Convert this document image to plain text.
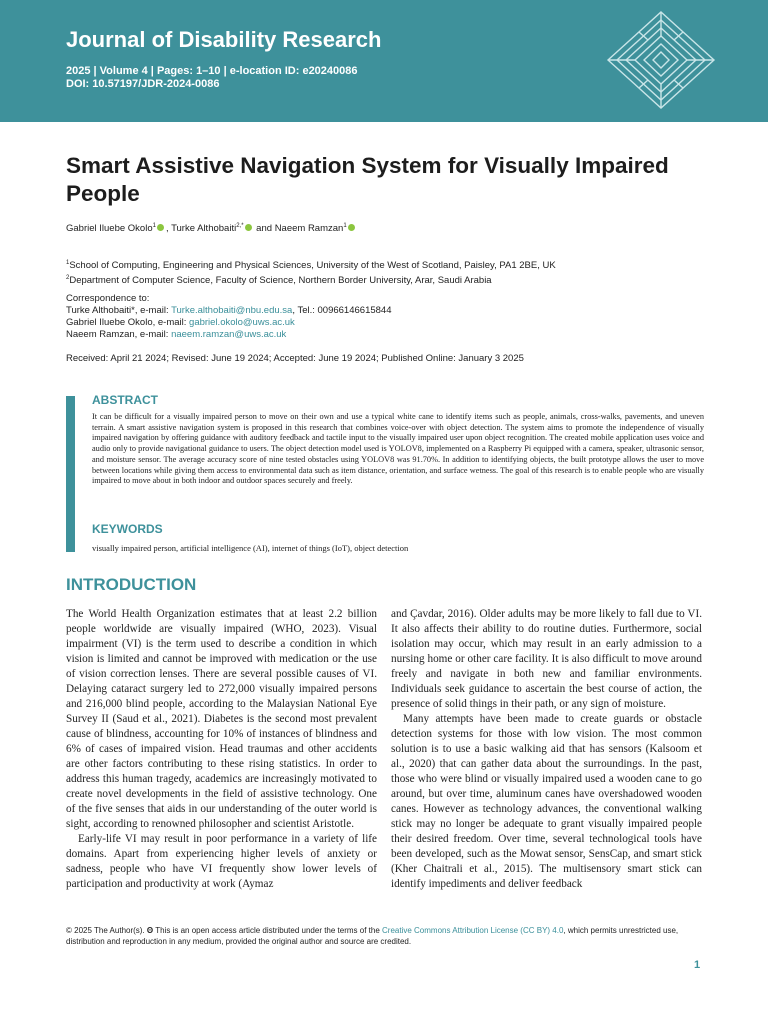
Journal of Disability Research
2025 | Volume 4 | Pages: 1–10 | e-location ID: e20240086
DOI: 10.57197/JDR-2024-0086
Smart Assistive Navigation System for Visually Impaired People
Gabriel Iluebe Okolo$^1$ , Turke Althobaiti$^{2,*}$ and Naeem Ramzan$^1$
$^1$School of Computing, Engineering and Physical Sciences, University of the West of Scotland, Paisley, PA1 2BE, UK
$^2$Department of Computer Science, Faculty of Science, Northern Border University, Arar, Saudi Arabia
Correspondence to:
Turke Althobaiti*, e-mail: Turke.althobaiti@nbu.edu.sa, Tel.: 00966146615844
Gabriel Iluebe Okolo, e-mail: gabriel.okolo@uws.ac.uk
Naeem Ramzan, e-mail: naeem.ramzan@uws.ac.uk
Received: April 21 2024; Revised: June 19 2024; Accepted: June 19 2024; Published Online: January 3 2025
ABSTRACT

It can be difficult for a visually impaired person to move on their own and use a typical white cane to identify items such as people, animals, cross-walks, pavements, and uneven terrain. A smart assistive navigation system is proposed in this research that combines voice-over with object detection. The system aims to promote the independence of visually impaired navigation by offering guidance with auditory feedback and tactile input to the visually impaired user upon object recognition. The created mobile application uses voice and audio only to provide navigational guidance to users. The object detection model used is YOLOV8, implemented on a Raspberry Pi equipped with a camera, speaker, ultrasonic sensor, and moisture sensor. The average accuracy score of nine tested obstacles using YOLOV8 was 91.70%. In addition to identifying objects, the built prototype allows the user to move between locations while giving them access to environmental data such as item distance, orientation, and surface wetness. The goal of this research is to enable people who are visually impaired to move about in both indoor and outdoor spaces securely and freely.

KEYWORDS
visually impaired person, artificial intelligence (AI), internet of things (IoT), object detection
INTRODUCTION

The World Health Organization estimates that at least 2.2 billion people worldwide are visually impaired (WHO, 2023). Visual impairment (VI) is the term used to describe a condition in which vision is limited and cannot be improved with medication or the use of vision correction lenses. There are several possible causes of VI. Delaying cataract surgery led to 272,000 visually impaired persons and 216,000 blind people, according to the Malaysian National Eye Survey II (Saud et al., 2021). Diabetes is the second most prevalent cause of blindness, accounting for 10% of instances of blindness and 6% of cases of impaired vision. Head traumas and other accidents are other factors contributing to these rising statistics. In order to address this human tragedy, academics are increasingly motivated to create novel developments in the field of assistive technology. One of the five senses that aids in our understanding of the outer world is sight, according to renowned philosopher and scientist Aristotle.

Early-life VI may result in poor performance in a variety of life domains. Apart from experiencing higher levels of anxiety or sadness, people who have VI frequently show lower levels of participation and productivity at work (Aymaz

and Çavdar, 2016). Older adults may be more likely to fall due to VI. It also affects their ability to do routine duties. Furthermore, social isolation may occur, which may result in an early admission to a nursing home or other care facility. It is also difficult to move around freely and navigate in both new and familiar environments. Individuals seek guidance to ascertain the best course of action, the presence of solid things in their path, or any sign of moisture.

Many attempts have been made to create guards or obstacle detection systems for those with low vision. The most common solution is to use a basic walking aid that has sensors (Kalsoom et al., 2020) that can gather data about the surroundings. In the past, those who were blind or visually impaired used a wooden cane to go around, but over time, aluminum canes have overshadowed wooden canes. However as technology advances, the conventional walking stick may no longer be adequate to grant visually impaired people their desired freedom. Over time, several technological tools have been developed, such as the Mowat sensor, SensCap, and smart stick (Kher Chaitrali et al., 2015). The multisensory smart stick can identify impediments and deliver feedback

© 2025 The Author(s). ʘ This is an open access article distributed under the terms of the Creative Commons Attribution License (CC BY) 4.0, which permits unrestricted use, distribution and reproduction in any medium, provided the original author and source are credited.
1
